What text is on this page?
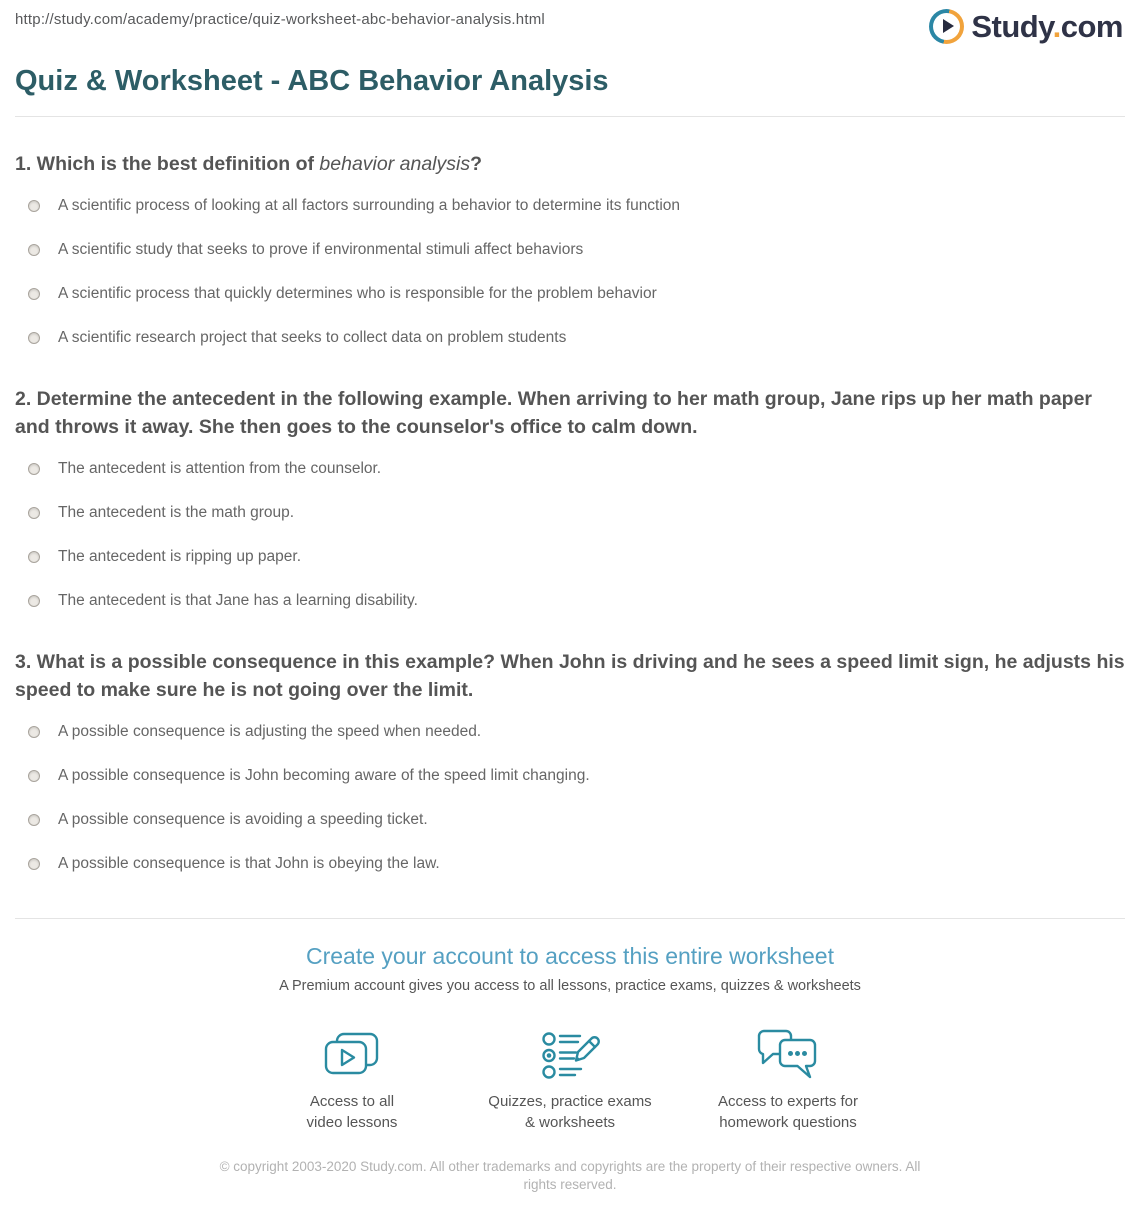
http://study.com/academy/practice/quiz-worksheet-abc-behavior-analysis.html	Study.com
Quiz & Worksheet - ABC Behavior Analysis

1. Which is the best definition of behavior analysis?

A scientific process of looking at all factors surrounding a behavior to determine its function
A scientific study that seeks to prove if environmental stimuli affect behaviors
A scientific process that quickly determines who is responsible for the problem behavior
A scientific research project that seeks to collect data on problem students

2. Determine the antecedent in the following example. When arriving to her math group, Jane rips up her math paper and throws it away. She then goes to the counselor's office to calm down.

The antecedent is attention from the counselor.
The antecedent is the math group.
The antecedent is ripping up paper.
The antecedent is that Jane has a learning disability.

3. What is a possible consequence in this example? When John is driving and he sees a speed limit sign, he adjusts his speed to make sure he is not going over the limit.

A possible consequence is adjusting the speed when needed.
A possible consequence is John becoming aware of the speed limit changing.
A possible consequence is avoiding a speeding ticket.
A possible consequence is that John is obeying the law.
Create your account to access this entire worksheet

A Premium account gives you access to all lessons, practice exams, quizzes & worksheets

Access to all
video lessons
Quizzes, practice exams
& worksheets
Access to experts for
homework questions

© copyright 2003-2020 Study.com. All other trademarks and copyrights are the property of their respective owners. All rights reserved.
